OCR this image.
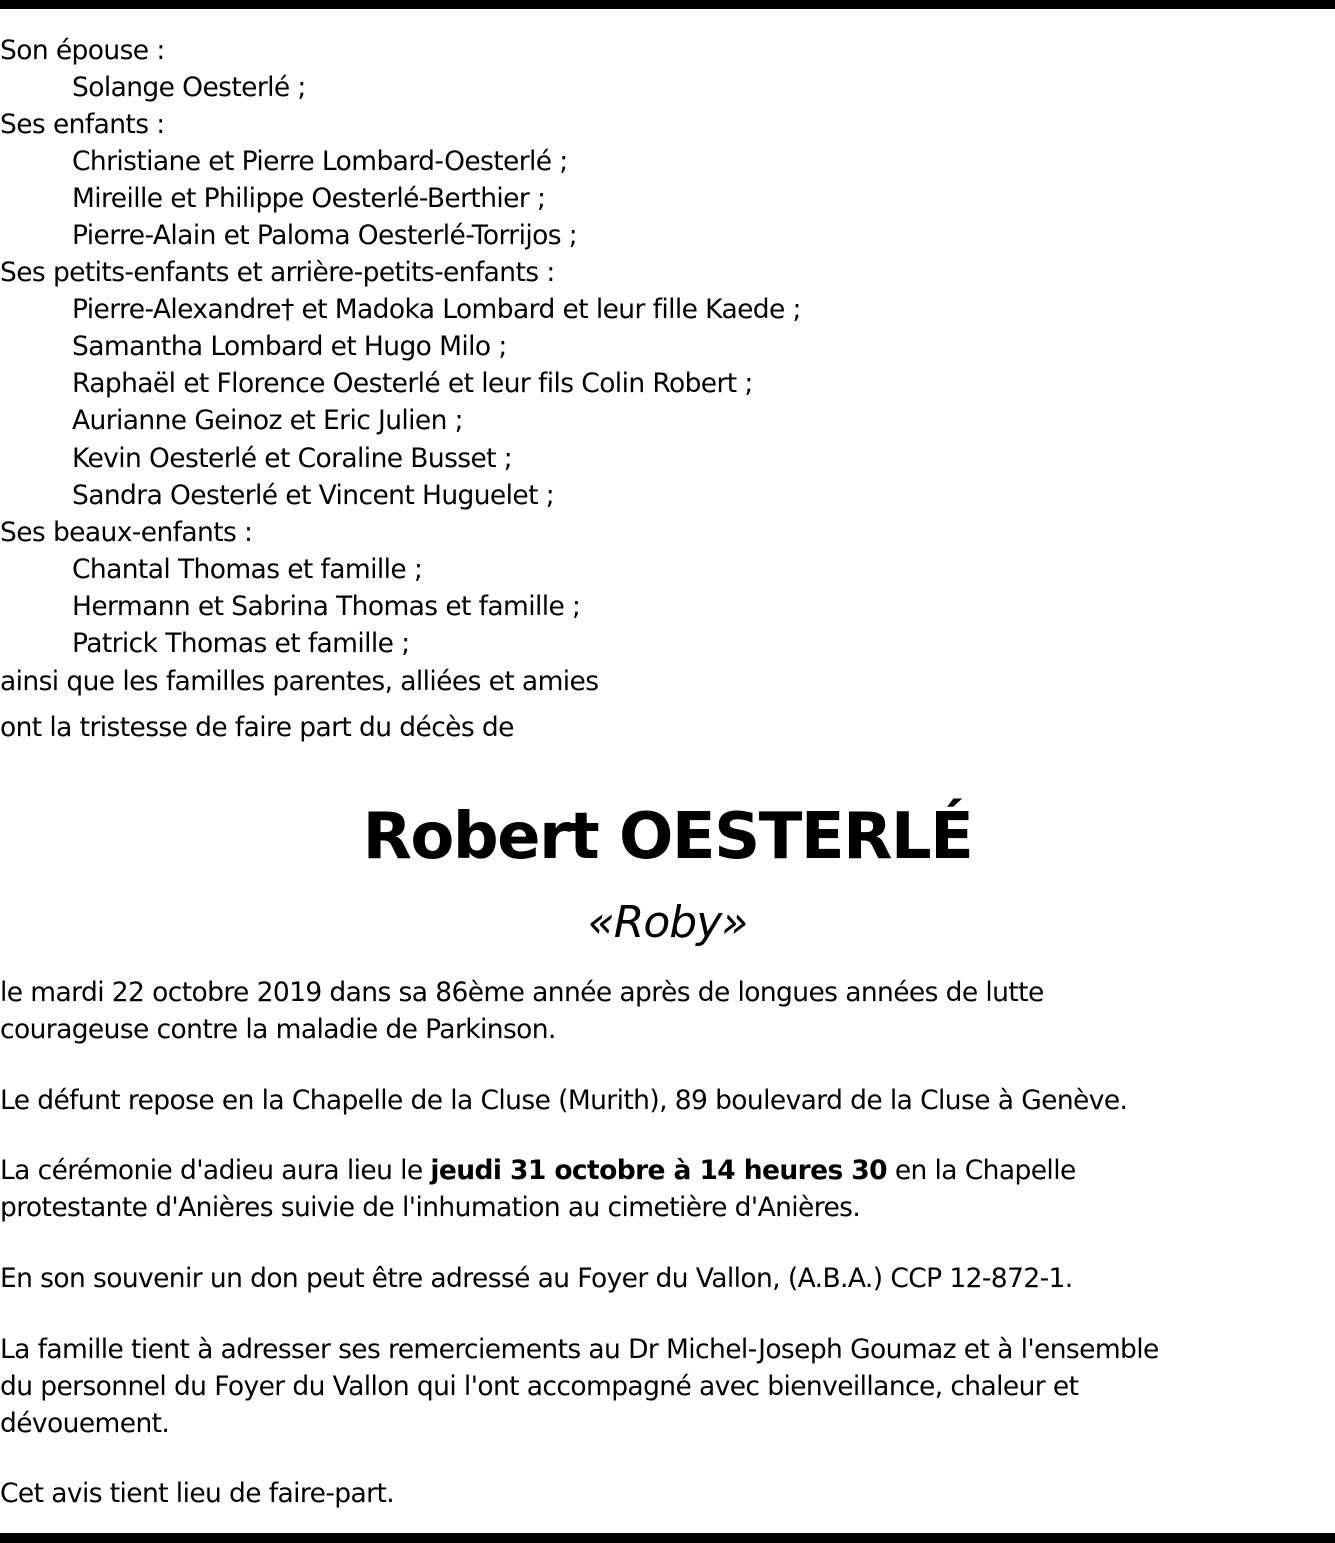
Son épouse :
Solange Oesterlé ;
Ses enfants :
Christiane et Pierre Lombard-Oesterlé ;
Mireille et Philippe Oesterlé-Berthier ;
Pierre-Alain et Paloma Oesterlé-Torrijos ;
Ses petits-enfants et arrière-petits-enfants :
Pierre-Alexandre† et Madoka Lombard et leur fille Kaede ;
Samantha Lombard et Hugo Milo ;
Raphaël et Florence Oesterlé et leur fils Colin Robert ;
Aurianne Geinoz et Eric Julien ;
Kevin Oesterlé et Coraline Busset ;
Sandra Oesterlé et Vincent Huguelet ;
Ses beaux-enfants :
Chantal Thomas et famille ;
Hermann et Sabrina Thomas et famille ;
Patrick Thomas et famille ;
ainsi que les familles parentes, alliées et amies
ont la tristesse de faire part du décès de
le mardi 22 octobre 2019 dans sa 86ème année après de longues années de lutte
courageuse contre la maladie de Parkinson.
Le défunt repose en la Chapelle de la Cluse (Murith), 89 boulevard de la Cluse à Genève.
La cérémonie d'adieu aura lieu le jeudi 31 octobre à 14 heures 30 en la Chapelle
protestante d'Anières suivie de l'inhumation au cimetière d'Anières.
En son souvenir un don peut être adressé au Foyer du Vallon, (A.B.A.) CCP 12-872-1.
La famille tient à adresser ses remerciements au Dr Michel-Joseph Goumaz et à l'ensemble
du personnel du Foyer du Vallon qui l'ont accompagné avec bienveillance, chaleur et
dévouement.
Cet avis tient lieu de faire-part.
Robert OESTERLÉ
«Roby»
